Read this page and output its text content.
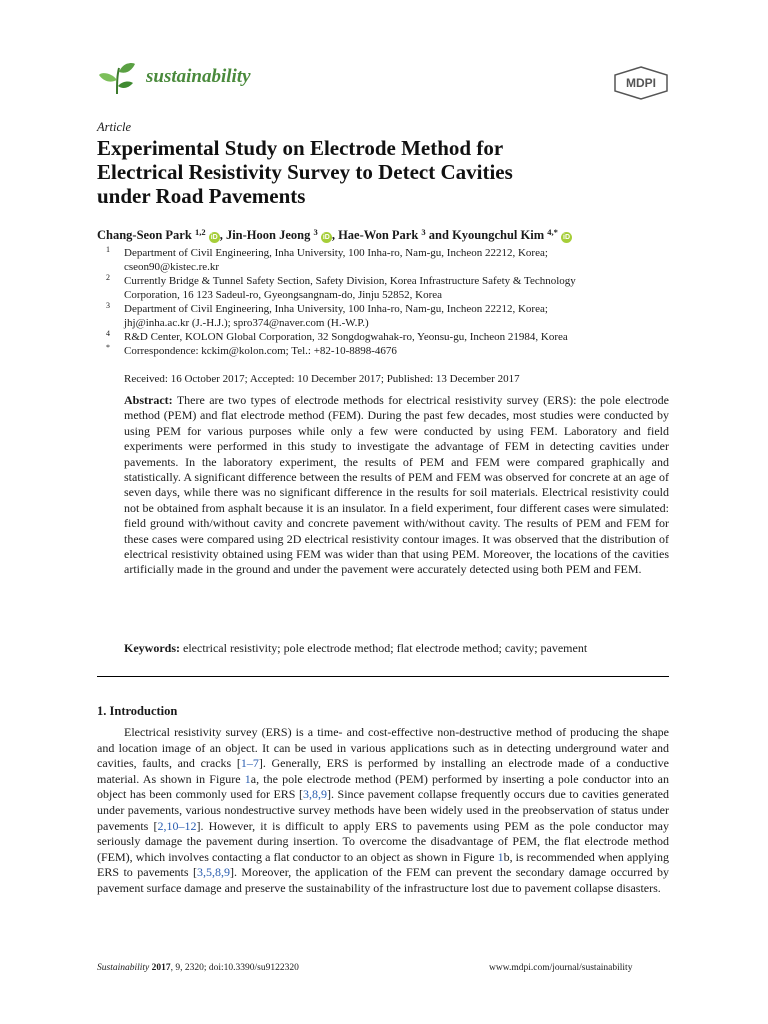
sustainability	MDPI
Article
Experimental Study on Electrode Method for
Electrical Resistivity Survey to Detect Cavities
under Road Pavements
Chang-Seon Park $^{1,2}$ iD , Jin-Hoon Jeong $^3$ iD , Hae-Won Park $^3$ and Kyoungchul Kim $^{4,*}$ iD
1 Department of Civil Engineering, Inha University, 100 Inha-ro, Nam-gu, Incheon 22212, Korea;
cseon90@kistec.re.kr
2 Currently Bridge & Tunnel Safety Section, Safety Division, Korea Infrastructure Safety & Technology
Corporation, 16 123 Sadeul-ro, Gyeongsangnam-do, Jinju 52852, Korea
3 Department of Civil Engineering, Inha University, 100 Inha-ro, Nam-gu, Incheon 22212, Korea;
jhj@inha.ac.kr (J.-H.J.); spro374@naver.com (H.-W.P.)
4 R&D Center, KOLON Global Corporation, 32 Songdogwahak-ro, Yeonsu-gu, Incheon 21984, Korea
* Correspondence: kckim@kolon.com; Tel.: +82-10-8898-4676
Received: 16 October 2017; Accepted: 10 December 2017; Published: 13 December 2017
Abstract: There are two types of electrode methods for electrical resistivity survey (ERS): the pole electrode method (PEM) and flat electrode method (FEM). During the past few decades, most studies were conducted by using PEM for various purposes while only a few were conducted by using FEM. Laboratory and field experiments were performed in this study to investigate the advantage of FEM in detecting cavities under pavements. In the laboratory experiment, the results of PEM and FEM were compared graphically and statistically. A significant difference between the results of PEM and FEM was observed for concrete at an age of seven days, while there was no significant difference in the results for soil materials. Electrical resistivity could not be obtained from asphalt because it is an insulator. In a field experiment, four different cases were simulated: field ground with/without cavity and concrete pavement with/without cavity. The results of PEM and FEM for these cases were compared using 2D electrical resistivity contour images. It was observed that the distribution of electrical resistivity obtained using FEM was wider than that using PEM. Moreover, the locations of the cavities artificially made in the ground and under the pavement were accurately detected using both PEM and FEM.
Keywords: electrical resistivity; pole electrode method; flat electrode method; cavity; pavement
1. Introduction
Electrical resistivity survey (ERS) is a time- and cost-effective non-destructive method of producing the shape and location image of an object. It can be used in various applications such as in detecting underground water and cavities, faults, and cracks [1–7]. Generally, ERS is performed by installing an electrode made of a conductive material. As shown in Figure 1a, the pole electrode method (PEM) performed by inserting a pole conductor into an object has been commonly used for ERS [3,8,9]. Since pavement collapse frequently occurs due to cavities generated under pavements, various nondestructive survey methods have been widely used in the preobservation of status under pavements [2,10–12]. However, it is difficult to apply ERS to pavements using PEM as the pole conductor may seriously damage the pavement during insertion. To overcome the disadvantage of PEM, the flat electrode method (FEM), which involves contacting a flat conductor to an object as shown in Figure 1b, is recommended when applying ERS to pavements [3,5,8,9]. Moreover, the application of the FEM can prevent the secondary damage occurred by pavement surface damage and preserve the sustainability of the infrastructure lost due to pavement collapse disasters.
Sustainability 2017, 9, 2320; doi:10.3390/su9122320	www.mdpi.com/journal/sustainability
